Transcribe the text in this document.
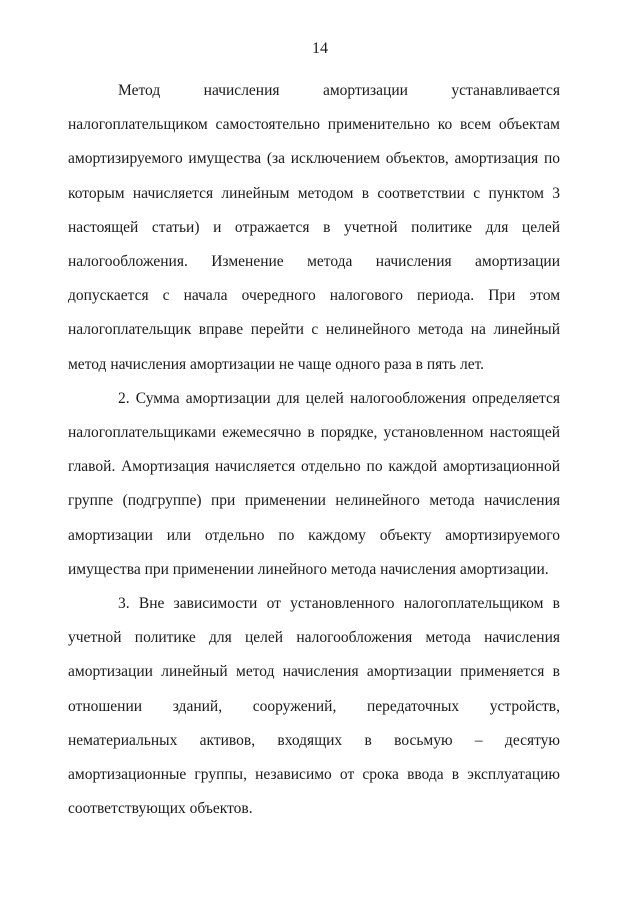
14

Метод начисления амортизации устанавливается налогоплательщиком самостоятельно применительно ко всем объектам амортизируемого имущества (за исключением объектов, амортизация по которым начисляется линейным методом в соответствии с пунктом 3 настоящей статьи) и отражается в учетной политике для целей налогообложения. Изменение метода начисления амортизации допускается с начала очередного налогового периода. При этом налогоплательщик вправе перейти с нелинейного метода на линейный метод начисления амортизации не чаще одного раза в пять лет.

2. Сумма амортизации для целей налогообложения определяется налогоплательщиками ежемесячно в порядке, установленном настоящей главой. Амортизация начисляется отдельно по каждой амортизационной группе (подгруппе) при применении нелинейного метода начисления амортизации или отдельно по каждому объекту амортизируемого имущества при применении линейного метода начисления амортизации.

3. Вне зависимости от установленного налогоплательщиком в учетной политике для целей налогообложения метода начисления амортизации линейный метод начисления амортизации применяется в отношении зданий, сооружений, передаточных устройств, нематериальных активов, входящих в восьмую – десятую амортизационные группы, независимо от срока ввода в эксплуатацию соответствующих объектов.
